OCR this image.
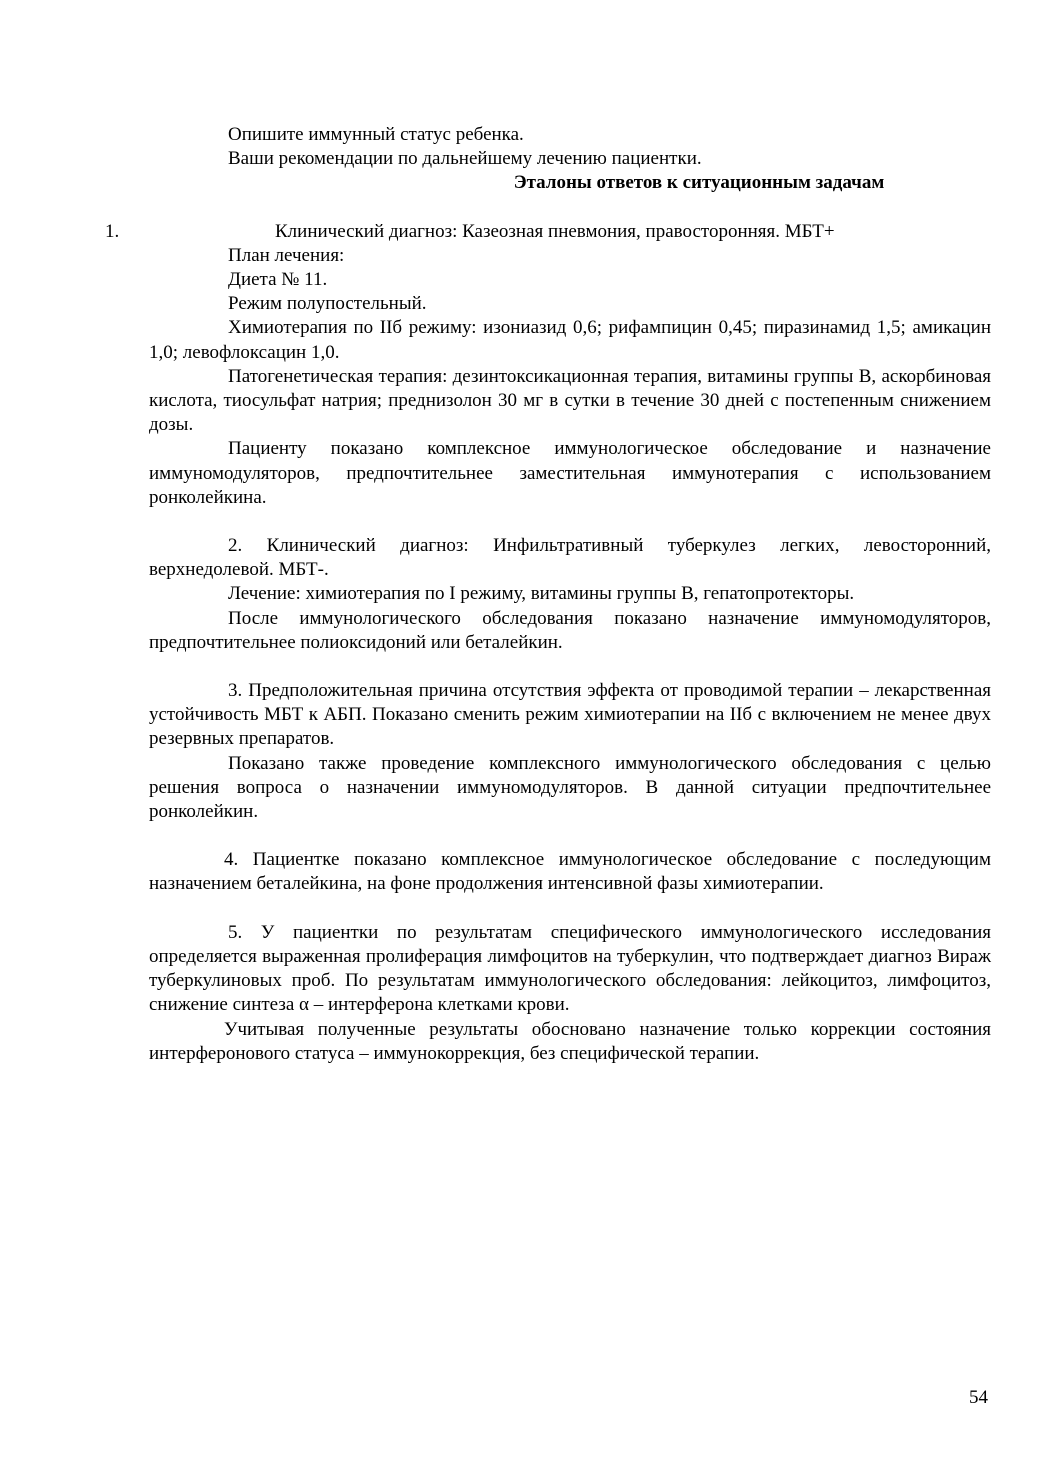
Опишите иммунный статус ребенка.

Ваши рекомендации по дальнейшему лечению пациентки.

Эталоны ответов к ситуационным задачам

1.	Клинический диагноз: Казеозная пневмония, правосторонняя. МБТ+

План лечения:

Диета № 11.

Режим полупостельный.

Химиотерапия по IIб режиму: изониазид 0,6; рифампицин 0,45; пиразинамид 1,5; амикацин 1,0; левофлоксацин 1,0.

Патогенетическая терапия: дезинтоксикационная терапия, витамины группы В, аскорбиновая кислота, тиосульфат натрия; преднизолон 30 мг в сутки в течение 30 дней с постепенным снижением дозы.

Пациенту показано комплексное иммунологическое обследование и назначение иммуномодуляторов, предпочтительнее заместительная иммунотерапия с использованием ронколейкина.

2. Клинический диагноз: Инфильтративный туберкулез легких, левосторонний, верхнедолевой. МБТ-.

Лечение: химиотерапия по I режиму, витамины группы В, гепатопротекторы.

После иммунологического обследования показано назначение иммуномодуляторов, предпочтительнее полиоксидоний или беталейкин.

3. Предположительная причина отсутствия эффекта от проводимой терапии – лекарственная устойчивость МБТ к АБП. Показано сменить режим химиотерапии на IIб с включением не менее двух резервных препаратов.

Показано также проведение комплексного иммунологического обследования с целью решения вопроса о назначении иммуномодуляторов. В данной ситуации предпочтительнее ронколейкин.

4. Пациентке показано комплексное иммунологическое обследование с последующим назначением беталейкина, на фоне продолжения интенсивной фазы химиотерапии.

5. У пациентки по результатам специфического иммунологического исследования определяется выраженная пролиферация лимфоцитов на туберкулин, что подтверждает диагноз Вираж туберкулиновых проб. По результатам иммунологического обследования: лейкоцитоз, лимфоцитоз, снижение синтеза α – интерферона клетками крови.

Учитывая полученные результаты обосновано назначение только коррекции состояния интерферонового статуса – иммунокоррекция, без специфической терапии.

54
